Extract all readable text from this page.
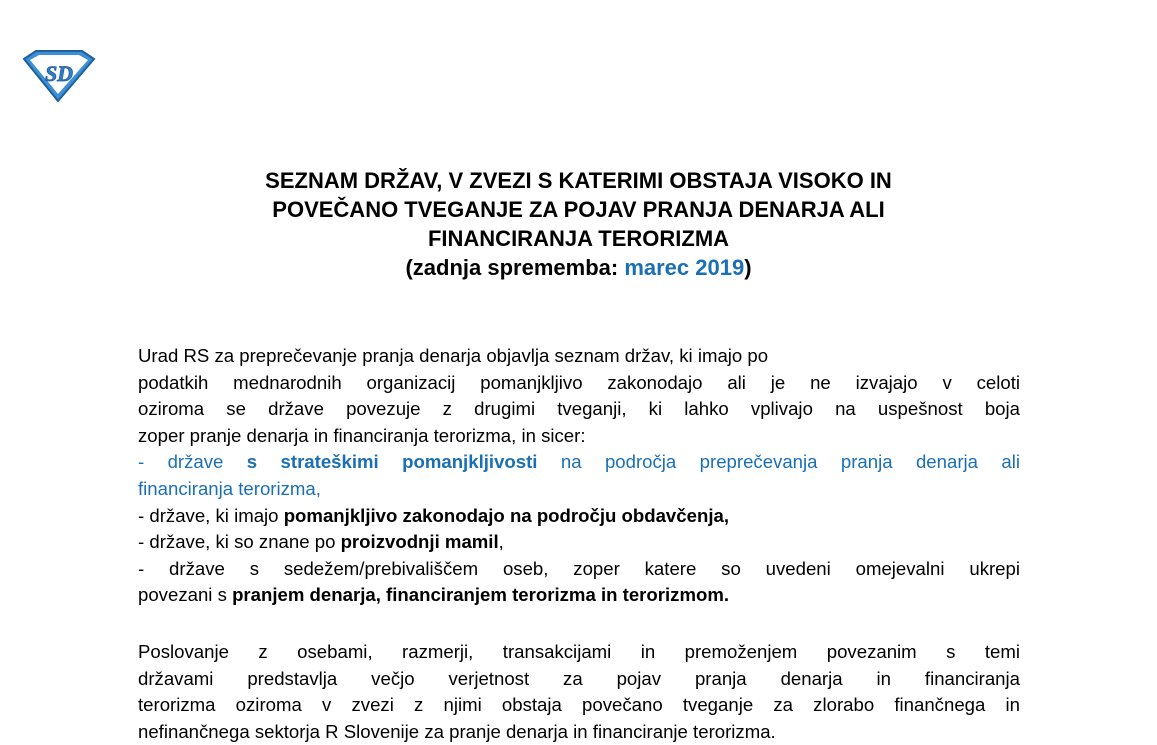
SD
SEZNAM DRŽAV, V ZVEZI S KATERIMI OBSTAJA VISOKO IN
POVEČANO TVEGANJE ZA POJAV PRANJA DENARJA ALI
FINANCIRANJA TERORIZMA
(zadnja sprememba: marec 2019)
Urad RS za preprečevanje pranja denarja objavlja seznam držav, ki imajo po
podatkih mednarodnih organizacij pomanjkljivo zakonodajo ali je ne izvajajo v celoti
oziroma se države povezuje z drugimi tveganji, ki lahko vplivajo na uspešnost boja
zoper pranje denarja in financiranja terorizma, in sicer:
- države s strateškimi pomanjkljivosti na področja preprečevanja pranja denarja ali
financiranja terorizma,
- države, ki imajo pomanjkljivo zakonodajo na področju obdavčenja,
- države, ki so znane po proizvodnji mamil,
- države s sedežem/prebivališčem oseb, zoper katere so uvedeni omejevalni ukrepi
povezani s pranjem denarja, financiranjem terorizma in terorizmom.
Poslovanje z osebami, razmerji, transakcijami in premoženjem povezanim s temi
državami predstavlja večjo verjetnost za pojav pranja denarja in financiranja
terorizma oziroma v zvezi z njimi obstaja povečano tveganje za zlorabo finančnega in
nefinančnega sektorja R Slovenije za pranje denarja in financiranje terorizma.
